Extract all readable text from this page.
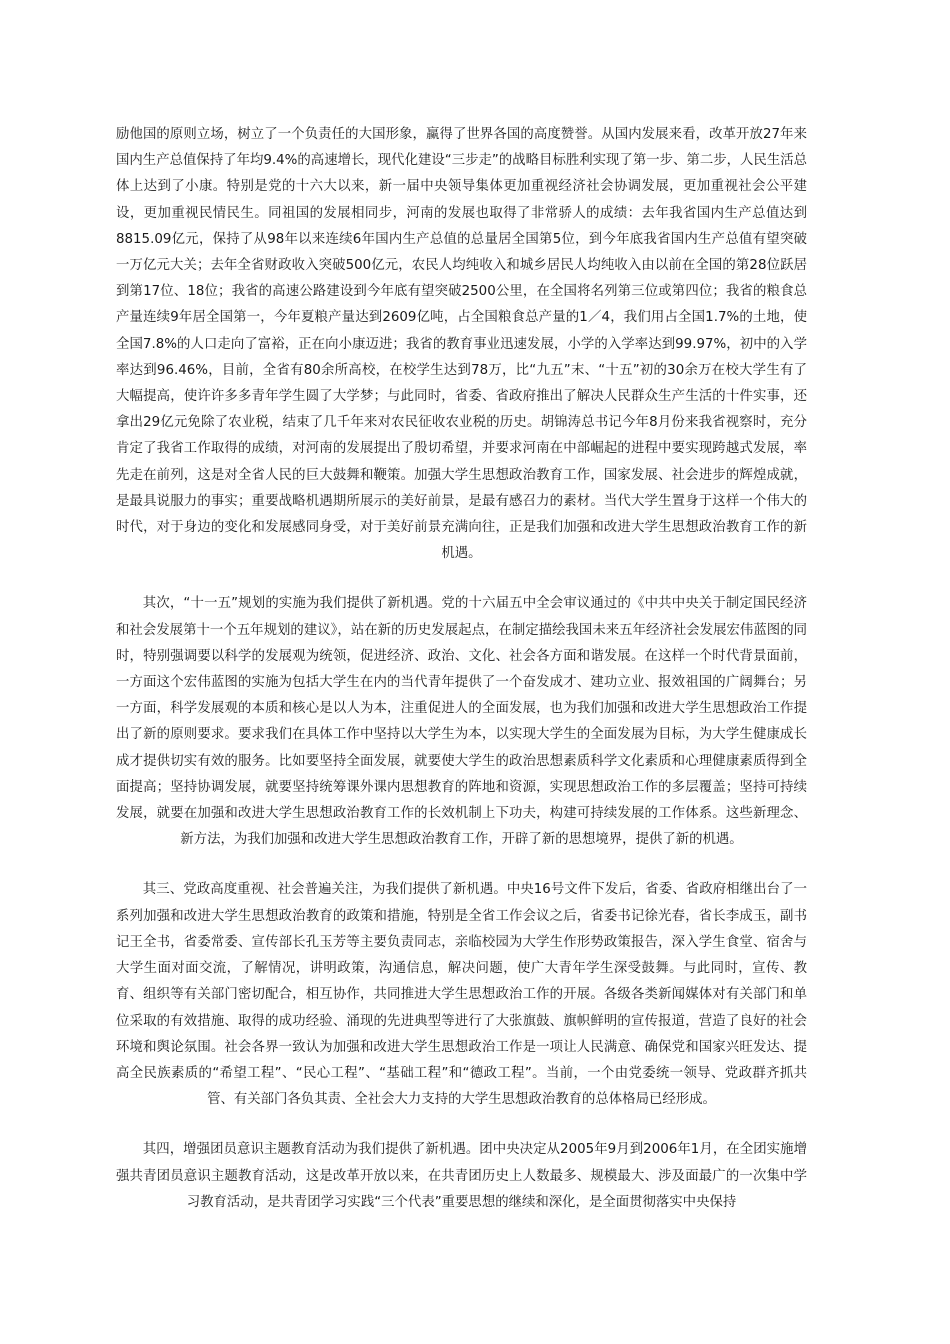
励他国的原则立场，树立了一个负责任的大国形象，赢得了世界各国的高度赞誉。从国内发展来看，改革开放27年来国内生产总值保持了年均9.4%的高速增长，现代化建设“三步走”的战略目标胜利实现了第一步、第二步，人民生活总体上达到了小康。特别是党的十六大以来，新一届中央领导集体更加重视经济社会协调发展，更加重视社会公平建设，更加重视民情民生。同祖国的发展相同步，河南的发展也取得了非常骄人的成绩：去年我省国内生产总值达到8815.09亿元，保持了从98年以来连续6年国内生产总值的总量居全国第5位，到今年底我省国内生产总值有望突破一万亿元大关；去年全省财政收入突破500亿元，农民人均纯收入和城乡居民人均纯收入由以前在全国的第28位跃居到第17位、18位；我省的高速公路建设到今年底有望突破2500公里，在全国将名列第三位或第四位；我省的粮食总产量连续9年居全国第一，今年夏粮产量达到2609亿吨，占全国粮食总产量的1／4，我们用占全国1.7%的土地，使全国7.8%的人口走向了富裕，正在向小康迈进；我省的教育事业迅速发展，小学的入学率达到99.97%，初中的入学率达到96.46%，目前，全省有80余所高校，在校学生达到78万，比“九五”末、“十五”初的30余万在校大学生有了大幅提高，使许许多多青年学生圆了大学梦；与此同时，省委、省政府推出了解决人民群众生产生活的十件实事，还拿出29亿元免除了农业税，结束了几千年来对农民征收农业税的历史。胡锦涛总书记今年8月份来我省视察时，充分肯定了我省工作取得的成绩，对河南的发展提出了殷切希望，并要求河南在中部崛起的进程中要实现跨越式发展，率先走在前列，这是对全省人民的巨大鼓舞和鞭策。加强大学生思想政治教育工作，国家发展、社会进步的辉煌成就，是最具说服力的事实；重要战略机遇期所展示的美好前景，是最有感召力的素材。当代大学生置身于这样一个伟大的时代，对于身边的变化和发展感同身受，对于美好前景充满向往，正是我们加强和改进大学生思想政治教育工作的新机遇。

其次，“十一五”规划的实施为我们提供了新机遇。党的十六届五中全会审议通过的《中共中央关于制定国民经济和社会发展第十一个五年规划的建议》，站在新的历史发展起点，在制定描绘我国未来五年经济社会发展宏伟蓝图的同时，特别强调要以科学的发展观为统领，促进经济、政治、文化、社会各方面和谐发展。在这样一个时代背景面前，一方面这个宏伟蓝图的实施为包括大学生在内的当代青年提供了一个奋发成才、建功立业、报效祖国的广阔舞台；另一方面，科学发展观的本质和核心是以人为本，注重促进人的全面发展，也为我们加强和改进大学生思想政治工作提出了新的原则要求。要求我们在具体工作中坚持以大学生为本，以实现大学生的全面发展为目标，为大学生健康成长成才提供切实有效的服务。比如要坚持全面发展，就要使大学生的政治思想素质科学文化素质和心理健康素质得到全面提高；坚持协调发展，就要坚持统筹课外课内思想教育的阵地和资源，实现思想政治工作的多层覆盖；坚持可持续发展，就要在加强和改进大学生思想政治教育工作的长效机制上下功夫，构建可持续发展的工作体系。这些新理念、新方法，为我们加强和改进大学生思想政治教育工作，开辟了新的思想境界，提供了新的机遇。

其三、党政高度重视、社会普遍关注，为我们提供了新机遇。中央16号文件下发后，省委、省政府相继出台了一系列加强和改进大学生思想政治教育的政策和措施，特别是全省工作会议之后，省委书记徐光春，省长李成玉，副书记王全书，省委常委、宣传部长孔玉芳等主要负责同志，亲临校园为大学生作形势政策报告，深入学生食堂、宿舍与大学生面对面交流，了解情况，讲明政策，沟通信息，解决问题，使广大青年学生深受鼓舞。与此同时，宣传、教育、组织等有关部门密切配合，相互协作，共同推进大学生思想政治工作的开展。各级各类新闻媒体对有关部门和单位采取的有效措施、取得的成功经验、涌现的先进典型等进行了大张旗鼓、旗帜鲜明的宣传报道，营造了良好的社会环境和舆论氛围。社会各界一致认为加强和改进大学生思想政治工作是一项让人民满意、确保党和国家兴旺发达、提高全民族素质的“希望工程”、“民心工程”、“基础工程”和“德政工程”。当前，一个由党委统一领导、党政群齐抓共管、有关部门各负其责、全社会大力支持的大学生思想政治教育的总体格局已经形成。

其四，增强团员意识主题教育活动为我们提供了新机遇。团中央决定从2005年9月到2006年1月，在全团实施增强共青团员意识主题教育活动，这是改革开放以来，在共青团历史上人数最多、规模最大、涉及面最广的一次集中学习教育活动，是共青团学习实践“三个代表”重要思想的继续和深化，是全面贯彻落实中央保持
